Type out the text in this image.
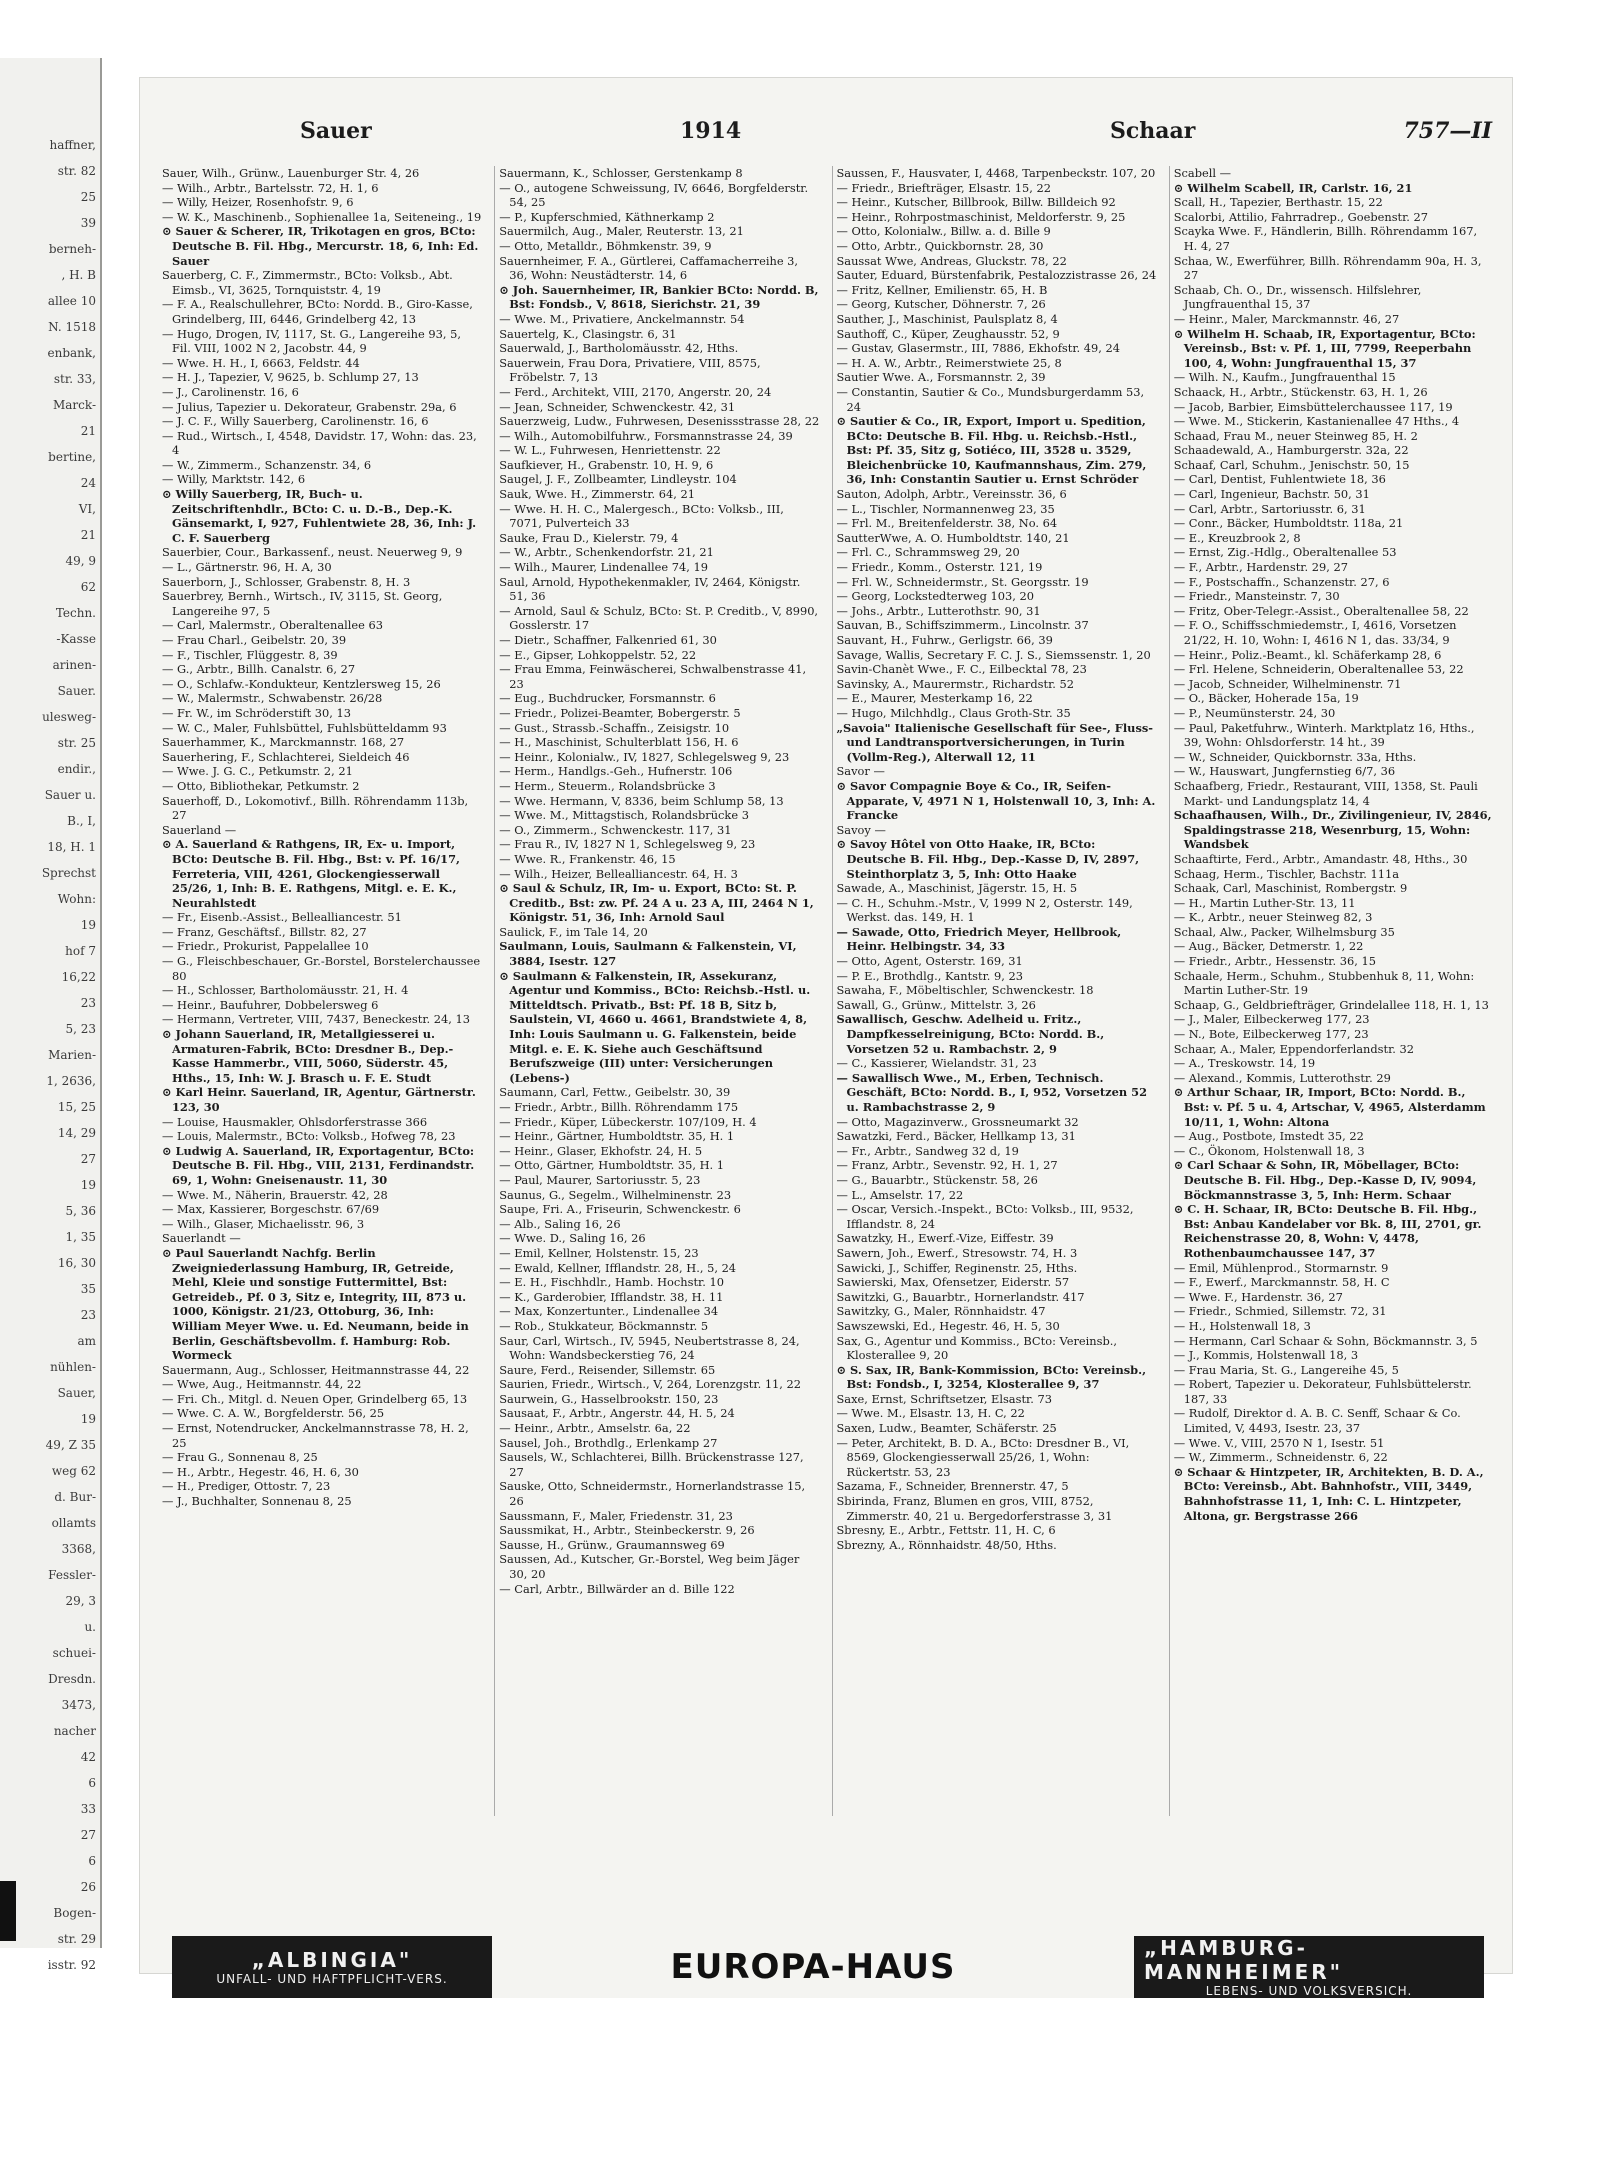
haffner,
str. 82
25
39
berneh-
, H. B
allee 10
N. 1518
enbank,
str. 33,
Marck-
21
bertine,
24
VI,
21
49, 9
62
Techn.
-Kasse
arinen-
Sauer.
ulesweg-
str. 25
endir.,
Sauer u.
B., I,
18, H. 1
Sprechst
Wohn:
19
hof 7
16,22
23
5, 23
Marien-
1, 2636,
15, 25
14, 29
27
19
5, 36
1, 35
16, 30
35
23
am
nühlen-
Sauer,
19
49, Z 35
weg 62
d. Bur-
ollamts
3368,
Fessler-
29, 3
u.
schuei-
Dresdn.
3473,
nacher
42
6
33
27
6
26
Bogen-
str. 29
isstr. 92
Sauer	1914	Schaar	757—II

Sauer, Wilh., Grünw., Lauenburger Str. 4, 26

— Wilh., Arbtr., Bartelsstr. 72, H. 1, 6

— Willy, Heizer, Rosenhofstr. 9, 6

— W. K., Maschinenb., Sophienallee 1a, Seiteneing., 19

⊙ Sauer & Scherer, IR, Trikotagen en gros, BCto: Deutsche B. Fil. Hbg., Mercurstr. 18, 6, Inh: Ed. Sauer

Sauerberg, C. F., Zimmermstr., BCto: Volksb., Abt. Eimsb., VI, 3625, Tornquiststr. 4, 19

— F. A., Realschullehrer, BCto: Nordd. B., Giro-Kasse, Grindelberg, III, 6446, Grindelberg 42, 13

— Hugo, Drogen, IV, 1117, St. G., Langereihe 93, 5, Fil. VIII, 1002 N 2, Jacobstr. 44, 9

— Wwe. H. H., I, 6663, Feldstr. 44

— H. J., Tapezier, V, 9625, b. Schlump 27, 13

— J., Carolinenstr. 16, 6

— Julius, Tapezier u. Dekorateur, Grabenstr. 29a, 6

— J. C. F., Willy Sauerberg, Carolinenstr. 16, 6

— Rud., Wirtsch., I, 4548, Davidstr. 17, Wohn: das. 23, 4

— W., Zimmerm., Schanzenstr. 34, 6

— Willy, Marktstr. 142, 6

⊙ Willy Sauerberg, IR, Buch- u. Zeitschriftenhdlr., BCto: C. u. D.-B., Dep.-K. Gänsemarkt, I, 927, Fuhlentwiete 28, 36, Inh: J. C. F. Sauerberg

Sauerbier, Cour., Barkassenf., neust. Neuerweg 9, 9

— L., Gärtnerstr. 96, H. A, 30

Sauerborn, J., Schlosser, Grabenstr. 8, H. 3

Sauerbrey, Bernh., Wirtsch., IV, 3115, St. Georg, Langereihe 97, 5

— Carl, Malermstr., Oberaltenallee 63

— Frau Charl., Geibelstr. 20, 39

— F., Tischler, Flüggestr. 8, 39

— G., Arbtr., Billh. Canalstr. 6, 27

— O., Schlafw.-Kondukteur, Kentzlersweg 15, 26

— W., Malermstr., Schwabenstr. 26/28

— Fr. W., im Schröderstift 30, 13

— W. C., Maler, Fuhlsbüttel, Fuhlsbütteldamm 93

Sauerhammer, K., Marckmannstr. 168, 27

Sauerhering, F., Schlachterei, Sieldeich 46

— Wwe. J. G. C., Petkumstr. 2, 21

— Otto, Bibliothekar, Petkumstr. 2

Sauerhoff, D., Lokomotivf., Billh. Röhrendamm 113b, 27

Sauerland —

⊙ A. Sauerland & Rathgens, IR, Ex- u. Import, BCto: Deutsche B. Fil. Hbg., Bst: v. Pf. 16/17, Ferreteria, VIII, 4261, Glockengiesserwall 25/26, 1, Inh: B. E. Rathgens, Mitgl. e. E. K., Neurahlstedt

— Fr., Eisenb.-Assist., Bellealliancestr. 51

— Franz, Geschäftsf., Billstr. 82, 27

— Friedr., Prokurist, Pappelallee 10

— G., Fleischbeschauer, Gr.-Borstel, Borstelerchaussee 80

— H., Schlosser, Bartholomäusstr. 21, H. 4

— Heinr., Baufuhrer, Dobbelersweg 6

— Hermann, Vertreter, VIII, 7437, Beneckestr. 24, 13

⊙ Johann Sauerland, IR, Metallgiesserei u. Armaturen-Fabrik, BCto: Dresdner B., Dep.-Kasse Hammerbr., VIII, 5060, Süderstr. 45, Hths., 15, Inh: W. J. Brasch u. F. E. Studt

⊙ Karl Heinr. Sauerland, IR, Agentur, Gärtnerstr. 123, 30

— Louise, Hausmakler, Ohlsdorferstrasse 366

— Louis, Malermstr., BCto: Volksb., Hofweg 78, 23

⊙ Ludwig A. Sauerland, IR, Exportagentur, BCto: Deutsche B. Fil. Hbg., VIII, 2131, Ferdinandstr. 69, 1, Wohn: Gneisenaustr. 11, 30

— Wwe. M., Näherin, Brauerstr. 42, 28

— Max, Kassierer, Borgeschstr. 67/69

— Wilh., Glaser, Michaelisstr. 96, 3

Sauerlandt —

⊙ Paul Sauerlandt Nachfg. Berlin Zweigniederlassung Hamburg, IR, Getreide, Mehl, Kleie und sonstige Futtermittel, Bst: Getreideb., Pf. 0 3, Sitz e, Integrity, III, 873 u. 1000, Königstr. 21/23, Ottoburg, 36, Inh: William Meyer Wwe. u. Ed. Neumann, beide in Berlin, Geschäftsbevollm. f. Hamburg: Rob. Wormeck

Sauermann, Aug., Schlosser, Heitmannstrasse 44, 22

— Wwe, Aug., Heitmannstr. 44, 22

— Fri. Ch., Mitgl. d. Neuen Oper, Grindelberg 65, 13

— Wwe. C. A. W., Borgfelderstr. 56, 25

— Ernst, Notendrucker, Anckelmannstrasse 78, H. 2, 25

— Frau G., Sonnenau 8, 25

— H., Arbtr., Hegestr. 46, H. 6, 30

— H., Prediger, Ottostr. 7, 23

— J., Buchhalter, Sonnenau 8, 25

Sauermann, K., Schlosser, Gerstenkamp 8

— O., autogene Schweissung, IV, 6646, Borgfelderstr. 54, 25

— P., Kupferschmied, Käthnerkamp 2

Sauermilch, Aug., Maler, Reuterstr. 13, 21

— Otto, Metalldr., Böhmkenstr. 39, 9

Sauernheimer, F. A., Gürtlerei, Caffamacherreihe 3, 36, Wohn: Neustädterstr. 14, 6

⊙ Joh. Sauernheimer, IR, Bankier BCto: Nordd. B, Bst: Fondsb., V, 8618, Sierichstr. 21, 39

— Wwe. M., Privatiere, Anckelmannstr. 54

Sauertelg, K., Clasingstr. 6, 31

Sauerwald, J., Bartholomäusstr. 42, Hths.

Sauerwein, Frau Dora, Privatiere, VIII, 8575, Fröbelstr. 7, 13

— Ferd., Architekt, VIII, 2170, Angerstr. 20, 24

— Jean, Schneider, Schwenckestr. 42, 31

Sauerzweig, Ludw., Fuhrwesen, Desenissstrasse 28, 22

— Wilh., Automobilfuhrw., Forsmannstrasse 24, 39

— W. L., Fuhrwesen, Henriettenstr. 22

Saufkiever, H., Grabenstr. 10, H. 9, 6

Saugel, J. F., Zollbeamter, Lindleystr. 104

Sauk, Wwe. H., Zimmerstr. 64, 21

— Wwe. H. H. C., Malergesch., BCto: Volksb., III, 7071, Pulverteich 33

Sauke, Frau D., Kielerstr. 79, 4

— W., Arbtr., Schenkendorfstr. 21, 21

— Wilh., Maurer, Lindenallee 74, 19

Saul, Arnold, Hypothekenmakler, IV, 2464, Königstr. 51, 36

— Arnold, Saul & Schulz, BCto: St. P. Creditb., V, 8990, Gosslerstr. 17

— Dietr., Schaffner, Falkenried 61, 30

— E., Gipser, Lohkoppelstr. 52, 22

— Frau Emma, Feinwäscherei, Schwalbenstrasse 41, 23

— Eug., Buchdrucker, Forsmannstr. 6

— Friedr., Polizei-Beamter, Bobergerstr. 5

— Gust., Strassb.-Schaffn., Zeisigstr. 10

— H., Maschinist, Schulterblatt 156, H. 6

— Heinr., Kolonialw., IV, 1827, Schlegelsweg 9, 23

— Herm., Handlgs.-Geh., Hufnerstr. 106

— Herm., Steuerm., Rolandsbrücke 3

— Wwe. Hermann, V, 8336, beim Schlump 58, 13

— Wwe. M., Mittagstisch, Rolandsbrücke 3

— O., Zimmerm., Schwenckestr. 117, 31

— Frau R., IV, 1827 N 1, Schlegelsweg 9, 23

— Wwe. R., Frankenstr. 46, 15

— Wilh., Heizer, Bellealliancestr. 64, H. 3

⊙ Saul & Schulz, IR, Im- u. Export, BCto: St. P. Creditb., Bst: zw. Pf. 24 A u. 23 A, III, 2464 N 1, Königstr. 51, 36, Inh: Arnold Saul

Saulick, F., im Tale 14, 20

Saulmann, Louis, Saulmann & Falkenstein, VI, 3884, Isestr. 127

⊙ Saulmann & Falkenstein, IR, Assekuranz, Agentur und Kommiss., BCto: Reichsb.-Hstl. u. Mitteldtsch. Privatb., Bst: Pf. 18 B, Sitz b, Saulstein, VI, 4660 u. 4661, Brandstwiete 4, 8, Inh: Louis Saulmann u. G. Falkenstein, beide Mitgl. e. E. K. Siehe auch Geschäftsund Berufszweige (III) unter: Versicherungen (Lebens-)

Saumann, Carl, Fettw., Geibelstr. 30, 39

— Friedr., Arbtr., Billh. Röhrendamm 175

— Friedr., Küper, Lübeckerstr. 107/109, H. 4

— Heinr., Gärtner, Humboldtstr. 35, H. 1

— Heinr., Glaser, Ekhofstr. 24, H. 5

— Otto, Gärtner, Humboldtstr. 35, H. 1

— Paul, Maurer, Sartoriusstr. 5, 23

Saunus, G., Segelm., Wilhelminenstr. 23

Saupe, Fri. A., Friseurin, Schwenckestr. 6

— Alb., Saling 16, 26

— Wwe. D., Saling 16, 26

— Emil, Kellner, Holstenstr. 15, 23

— Ewald, Kellner, Ifflandstr. 28, H., 5, 24

— E. H., Fischhdlr., Hamb. Hochstr. 10

— K., Garderobier, Ifflandstr. 38, H. 11

— Max, Konzertunter., Lindenallee 34

— Rob., Stukkateur, Böckmannstr. 5

Saur, Carl, Wirtsch., IV, 5945, Neubertstrasse 8, 24, Wohn: Wandsbeckerstieg 76, 24

Saure, Ferd., Reisender, Sillemstr. 65

Saurien, Friedr., Wirtsch., V, 264, Lorenzgstr. 11, 22

Saurwein, G., Hasselbrookstr. 150, 23

Sausaat, F., Arbtr., Angerstr. 44, H. 5, 24

— Heinr., Arbtr., Amselstr. 6a, 22

Sausel, Joh., Brothdlg., Erlenkamp 27

Sausels, W., Schlachterei, Billh. Brückenstrasse 127, 27

Sauske, Otto, Schneidermstr., Hornerlandstrasse 15, 26

Saussmann, F., Maler, Friedenstr. 31, 23

Saussmikat, H., Arbtr., Steinbeckerstr. 9, 26

Sausse, H., Grünw., Graumannsweg 69

Saussen, Ad., Kutscher, Gr.-Borstel, Weg beim Jäger 30, 20

— Carl, Arbtr., Billwärder an d. Bille 122

Saussen, F., Hausvater, I, 4468, Tarpenbeckstr. 107, 20

— Friedr., Briefträger, Elsastr. 15, 22

— Heinr., Kutscher, Billbrook, Billw. Billdeich 92

— Heinr., Rohrpostmaschinist, Meldorferstr. 9, 25

— Otto, Kolonialw., Billw. a. d. Bille 9

— Otto, Arbtr., Quickbornstr. 28, 30

Saussat Wwe, Andreas, Gluckstr. 78, 22

Sauter, Eduard, Bürstenfabrik, Pestalozzistrasse 26, 24

— Fritz, Kellner, Emilienstr. 65, H. B

— Georg, Kutscher, Döhnerstr. 7, 26

Sauther, J., Maschinist, Paulsplatz 8, 4

Sauthoff, C., Küper, Zeughausstr. 52, 9

— Gustav, Glasermstr., III, 7886, Ekhofstr. 49, 24

— H. A. W., Arbtr., Reimerstwiete 25, 8

Sautier Wwe. A., Forsmannstr. 2, 39

— Constantin, Sautier & Co., Mundsburgerdamm 53, 24

⊙ Sautier & Co., IR, Export, Import u. Spedition, BCto: Deutsche B. Fil. Hbg. u. Reichsb.-Hstl., Bst: Pf. 35, Sitz g, Sotiéco, III, 3528 u. 3529, Bleichenbrücke 10, Kaufmannshaus, Zim. 279, 36, Inh: Constantin Sautier u. Ernst Schröder

Sauton, Adolph, Arbtr., Vereinsstr. 36, 6

— L., Tischler, Normannenweg 23, 35

— Frl. M., Breitenfelderstr. 38, No. 64

SautterWwe, A. O. Humboldtstr. 140, 21

— Frl. C., Schrammsweg 29, 20

— Friedr., Komm., Osterstr. 121, 19

— Frl. W., Schneidermstr., St. Georgsstr. 19

— Georg, Lockstedterweg 103, 20

— Johs., Arbtr., Lutterothstr. 90, 31

Sauvan, B., Schiffszimmerm., Lincolnstr. 37

Sauvant, H., Fuhrw., Gerligstr. 66, 39

Savage, Wallis, Secretary F. C. J. S., Siemssenstr. 1, 20

Savin-Chanèt Wwe., F. C., Eilbecktal 78, 23

Savinsky, A., Maurermstr., Richardstr. 52

— E., Maurer, Mesterkamp 16, 22

— Hugo, Milchhdlg., Claus Groth-Str. 35

„Savoia" Italienische Gesellschaft für See-, Fluss- und Landtransportversicherungen, in Turin (Vollm-Reg.), Alterwall 12, 11

Savor —

⊙ Savor Compagnie Boye & Co., IR, Seifen-Apparate, V, 4971 N 1, Holstenwall 10, 3, Inh: A. Francke

Savoy —

⊙ Savoy Hôtel von Otto Haake, IR, BCto: Deutsche B. Fil. Hbg., Dep.-Kasse D, IV, 2897, Steinthorplatz 3, 5, Inh: Otto Haake

Sawade, A., Maschinist, Jägerstr. 15, H. 5

— C. H., Schuhm.-Mstr., V, 1999 N 2, Osterstr. 149, Werkst. das. 149, H. 1

— Sawade, Otto, Friedrich Meyer, Hellbrook, Heinr. Helbingstr. 34, 33

— Otto, Agent, Osterstr. 169, 31

— P. E., Brothdlg., Kantstr. 9, 23

Sawaha, F., Möbeltischler, Schwenckestr. 18

Sawall, G., Grünw., Mittelstr. 3, 26

Sawallisch, Geschw. Adelheid u. Fritz., Dampfkesselreinigung, BCto: Nordd. B., Vorsetzen 52 u. Rambachstr. 2, 9

— C., Kassierer, Wielandstr. 31, 23

— Sawallisch Wwe., M., Erben, Technisch. Geschäft, BCto: Nordd. B., I, 952, Vorsetzen 52 u. Rambachstrasse 2, 9

— Otto, Magazinverw., Grossneumarkt 32

Sawatzki, Ferd., Bäcker, Hellkamp 13, 31

— Fr., Arbtr., Sandweg 32 d, 19

— Franz, Arbtr., Sevenstr. 92, H. 1, 27

— G., Bauarbtr., Stückenstr. 58, 26

— L., Amselstr. 17, 22

— Oscar, Versich.-Inspekt., BCto: Volksb., III, 9532, Ifflandstr. 8, 24

Sawatzky, H., Ewerf.-Vize, Eiffestr. 39

Sawern, Joh., Ewerf., Stresowstr. 74, H. 3

Sawicki, J., Schiffer, Reginenstr. 25, Hths.

Sawierski, Max, Ofensetzer, Eiderstr. 57

Sawitzki, G., Bauarbtr., Hornerlandstr. 417

Sawitzky, G., Maler, Rönnhaidstr. 47

Sawszewski, Ed., Hegestr. 46, H. 5, 30

Sax, G., Agentur und Kommiss., BCto: Vereinsb., Klosterallee 9, 20

⊙ S. Sax, IR, Bank-Kommission, BCto: Vereinsb., Bst: Fondsb., I, 3254, Klosterallee 9, 37

Saxe, Ernst, Schriftsetzer, Elsastr. 73

— Wwe. M., Elsastr. 13, H. C, 22

Saxen, Ludw., Beamter, Schäferstr. 25

— Peter, Architekt, B. D. A., BCto: Dresdner B., VI, 8569, Glockengiesserwall 25/26, 1, Wohn: Rückertstr. 53, 23

Sazama, F., Schneider, Brennerstr. 47, 5

Sbirinda, Franz, Blumen en gros, VIII, 8752, Zimmerstr. 40, 21 u. Bergedorferstrasse 3, 31

Sbresny, E., Arbtr., Fettstr. 11, H. C, 6

Sbrezny, A., Rönnhaidstr. 48/50, Hths.

Scabell —

⊙ Wilhelm Scabell, IR, Carlstr. 16, 21

Scall, H., Tapezier, Berthastr. 15, 22

Scalorbi, Attilio, Fahrradrep., Goebenstr. 27

Scayka Wwe. F., Händlerin, Billh. Röhrendamm 167, H. 4, 27

Schaa, W., Ewerführer, Billh. Röhrendamm 90a, H. 3, 27

Schaab, Ch. O., Dr., wissensch. Hilfslehrer, Jungfrauenthal 15, 37

— Heinr., Maler, Marckmannstr. 46, 27

⊙ Wilhelm H. Schaab, IR, Exportagentur, BCto: Vereinsb., Bst: v. Pf. 1, III, 7799, Reeperbahn 100, 4, Wohn: Jungfrauenthal 15, 37

— Wilh. N., Kaufm., Jungfrauenthal 15

Schaack, H., Arbtr., Stückenstr. 63, H. 1, 26

— Jacob, Barbier, Eimsbüttelerchaussee 117, 19

— Wwe. M., Stickerin, Kastanienallee 47 Hths., 4

Schaad, Frau M., neuer Steinweg 85, H. 2

Schaadewald, A., Hamburgerstr. 32a, 22

Schaaf, Carl, Schuhm., Jenischstr. 50, 15

— Carl, Dentist, Fuhlentwiete 18, 36

— Carl, Ingenieur, Bachstr. 50, 31

— Carl, Arbtr., Sartoriusstr. 6, 31

— Conr., Bäcker, Humboldtstr. 118a, 21

— E., Kreuzbrook 2, 8

— Ernst, Zig.-Hdlg., Oberaltenallee 53

— F., Arbtr., Hardenstr. 29, 27

— F., Postschaffn., Schanzenstr. 27, 6

— Friedr., Mansteinstr. 7, 30

— Fritz, Ober-Telegr.-Assist., Oberaltenallee 58, 22

— F. O., Schiffsschmiedemstr., I, 4616, Vorsetzen 21/22, H. 10, Wohn: I, 4616 N 1, das. 33/34, 9

— Heinr., Poliz.-Beamt., kl. Schäferkamp 28, 6

— Frl. Helene, Schneiderin, Oberaltenallee 53, 22

— Jacob, Schneider, Wilhelminenstr. 71

— O., Bäcker, Hoherade 15a, 19

— P., Neumünsterstr. 24, 30

— Paul, Paketfuhrw., Winterh. Marktplatz 16, Hths., 39, Wohn: Ohlsdorferstr. 14 ht., 39

— W., Schneider, Quickbornstr. 33a, Hths.

— W., Hauswart, Jungfernstieg 6/7, 36

Schaafberg, Friedr., Restaurant, VIII, 1358, St. Pauli Markt- und Landungsplatz 14, 4

Schaafhausen, Wilh., Dr., Zivilingenieur, IV, 2846, Spaldingstrasse 218, Wesenrburg, 15, Wohn: Wandsbek

Schaaftirte, Ferd., Arbtr., Amandastr. 48, Hths., 30

Schaag, Herm., Tischler, Bachstr. 111a

Schaak, Carl, Maschinist, Rombergstr. 9

— H., Martin Luther-Str. 13, 11

— K., Arbtr., neuer Steinweg 82, 3

Schaal, Alw., Packer, Wilhelmsburg 35

— Aug., Bäcker, Detmerstr. 1, 22

— Friedr., Arbtr., Hessenstr. 36, 15

Schaale, Herm., Schuhm., Stubbenhuk 8, 11, Wohn: Martin Luther-Str. 19

Schaap, G., Geldbriefträger, Grindelallee 118, H. 1, 13

— J., Maler, Eilbeckerweg 177, 23

— N., Bote, Eilbeckerweg 177, 23

Schaar, A., Maler, Eppendorferlandstr. 32

— A., Treskowstr. 14, 19

— Alexand., Kommis, Lutterothstr. 29

⊙ Arthur Schaar, IR, Import, BCto: Nordd. B., Bst: v. Pf. 5 u. 4, Artschar, V, 4965, Alsterdamm 10/11, 1, Wohn: Altona

— Aug., Postbote, Imstedt 35, 22

— C., Ökonom, Holstenwall 18, 3

⊙ Carl Schaar & Sohn, IR, Möbellager, BCto: Deutsche B. Fil. Hbg., Dep.-Kasse D, IV, 9094, Böckmannstrasse 3, 5, Inh: Herm. Schaar

⊙ C. H. Schaar, IR, BCto: Deutsche B. Fil. Hbg., Bst: Anbau Kandelaber vor Bk. 8, III, 2701, gr. Reichenstrasse 20, 8, Wohn: V, 4478, Rothenbaumchaussee 147, 37

— Emil, Mühlenprod., Stormarnstr. 9

— F., Ewerf., Marckmannstr. 58, H. C

— Wwe. F., Hardenstr. 36, 27

— Friedr., Schmied, Sillemstr. 72, 31

— H., Holstenwall 18, 3

— Hermann, Carl Schaar & Sohn, Böckmannstr. 3, 5

— J., Kommis, Holstenwall 18, 3

— Frau Maria, St. G., Langereihe 45, 5

— Robert, Tapezier u. Dekorateur, Fuhlsbüttelerstr. 187, 33

— Rudolf, Direktor d. A. B. C. Senff, Schaar & Co. Limited, V, 4493, Isestr. 23, 37

— Wwe. V., VIII, 2570 N 1, Isestr. 51

— W., Zimmerm., Schneidenstr. 6, 22

⊙ Schaar & Hintzpeter, IR, Architekten, B. D. A., BCto: Vereinsb., Abt. Bahnhofstr., VIII, 3449, Bahnhofstrasse 11, 1, Inh: C. L. Hintzpeter, Altona, gr. Bergstrasse 266

„ALBINGIA"
UNFALL- UND HAFTPFLICHT-VERS.	EUROPA-HAUS	„HAMBURG-MANNHEIMER"
LEBENS- UND VOLKSVERSICH.
